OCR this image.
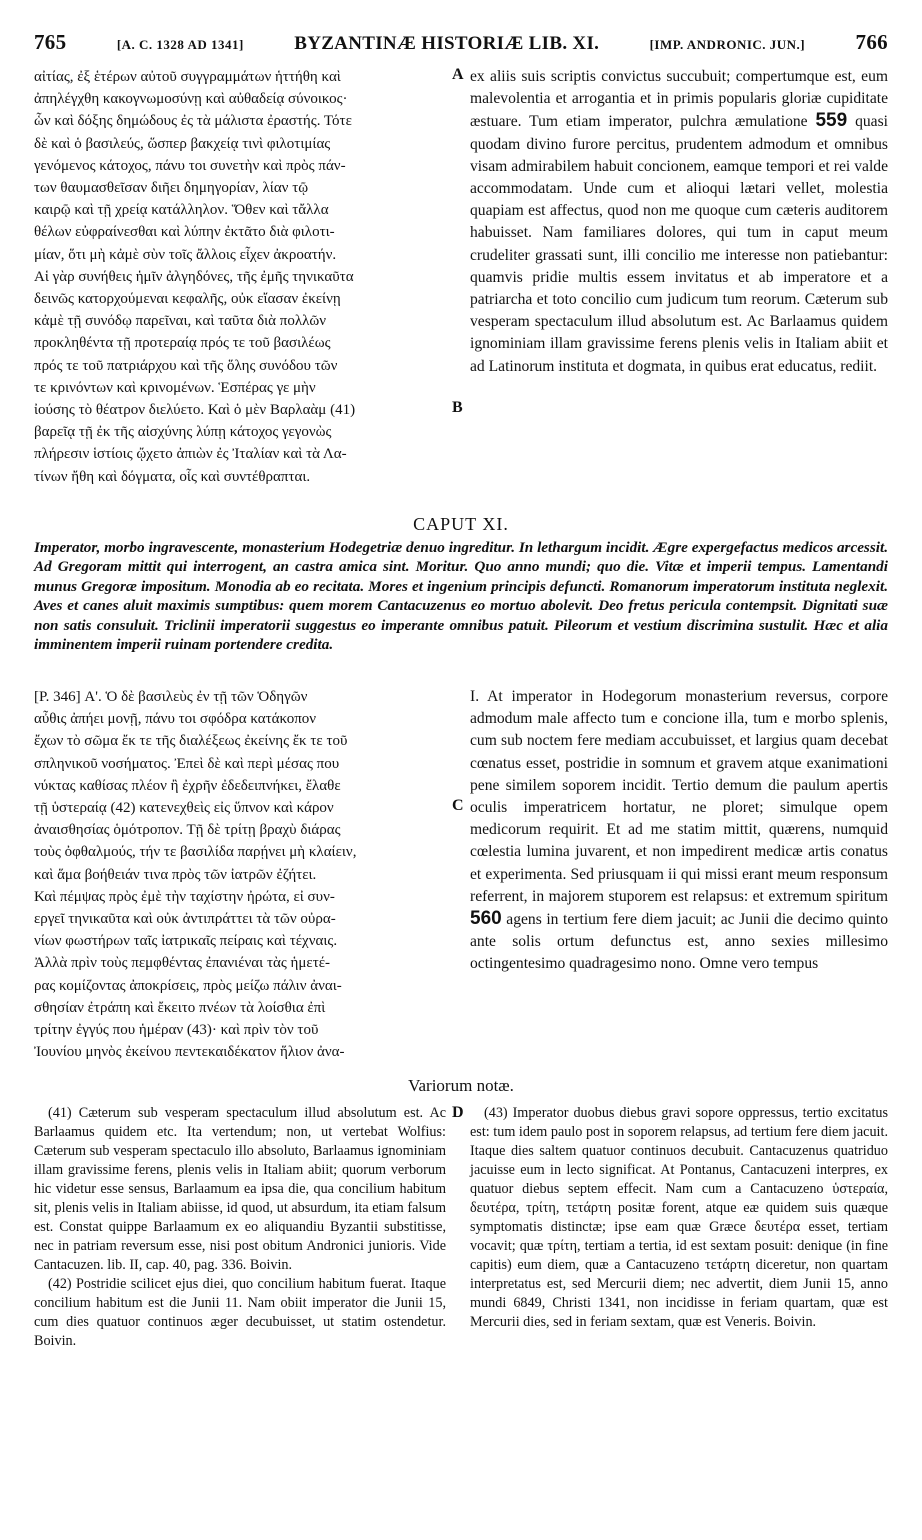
765	[A. C. 1328 AD 1341]	BYZANTINÆ HISTORIÆ LIB. XI.	[IMP. ANDRONIC. JUN.] 766
αἰτίας, ἐξ ἑτέρων αὐτοῦ συγγραμμάτων ἡττήθη καὶ
ἀπηλέγχθη κακογνωμοσύνῃ καὶ αὐθαδείᾳ σύνοικος·
ὧν καὶ δόξης δημώδους ἐς τὰ μάλιστα ἐραστής. Τότε
δὲ καὶ ὁ βασιλεύς, ὥσπερ βακχείᾳ τινὶ φιλοτιμίας
γενόμενος κάτοχος, πάνυ τοι συνετὴν καὶ πρὸς πάν-
των θαυμασθεῖσαν διῆει δημηγορίαν, λίαν τῷ
καιρῷ καὶ τῇ χρείᾳ κατάλληλον. Ὅθεν καὶ τἄλλα
θέλων εὐφραίνεσθαι καὶ λύπην ἐκτᾶτο διὰ φιλοτι-
μίαν, ὅτι μὴ κἀμὲ σὺν τοῖς ἄλλοις εἶχεν ἀκροατήν.
Αἱ γὰρ συνήθεις ἡμῖν ἀλγηδόνες, τῆς ἐμῆς τηνικαῦτα
δεινῶς κατορχούμεναι κεφαλῆς, οὐκ εἴασαν ἐκείνῃ
κἀμὲ τῇ συνόδῳ παρεῖναι, καὶ ταῦτα διὰ πολλῶν
προκληθέντα τῇ προτεραίᾳ πρός τε τοῦ βασιλέως
πρός τε τοῦ πατριάρχου καὶ τῆς ὅλης συνόδου τῶν
τε κρινόντων καὶ κρινομένων. Ἑσπέρας γε μὴν
ἰούσης τὸ θέατρον διελύετο. Καὶ ὁ μὲν Βαρλαὰμ (41)
βαρεῖᾳ τῇ ἐκ τῆς αἰσχύνης λύπῃ κάτοχος γεγονὼς
πλήρεσιν ἱστίοις ᾤχετο ἀπιὼν ἐς Ἰταλίαν καὶ τὰ Λα-
τίνων ἤθη καὶ δόγματα, οἷς καὶ συντέθραπται.
A
B

ex aliis suis scriptis convictus succubuit; compertumque est, eum malevolentia et arrogantia et in primis popularis gloriæ cupiditate æstuare. Tum etiam imperator, pulchra æmulatione 559 quasi quodam divino furore percitus, prudentem admodum et omnibus visam admirabilem habuit concionem, eamque tempori et rei valde accommodatam. Unde cum et alioqui lætari vellet, molestia quapiam est affectus, quod non me quoque cum cæteris auditorem habuisset. Nam familiares dolores, qui tum in caput meum crudeliter grassati sunt, illi concilio me interesse non patiebantur: quamvis pridie multis essem invitatus et ab imperatore et a patriarcha et toto concilio cum judicum tum reorum. Cæterum sub vesperam spectaculum illud absolutum est. Ac Barlaamus quidem ignominiam illam gravissime ferens plenis velis in Italiam abiit et ad Latinorum instituta et dogmata, in quibus erat educatus, rediit.

CAPUT XI.
Imperator, morbo ingravescente, monasterium Hodegetriæ denuo ingreditur. In lethargum incidit. Ægre expergefactus medicos arcessit. Ad Gregoram mittit qui interrogent, an castra amica sint. Moritur. Quo anno mundi; quo die. Vitæ et imperii tempus. Lamentandi munus Gregoræ impositum. Monodia ab eo recitata. Mores et ingenium principis defuncti. Romanorum imperatorum instituta neglexit. Aves et canes aluit maximis sumptibus: quem morem Cantacuzenus eo mortuo abolevit. Deo fretus pericula contempsit. Dignitati suæ non satis consuluit. Triclinii imperatorii suggestus eo imperante omnibus patuit. Pileorum et vestium discrimina sustulit. Hæc et alia imminentem imperii ruinam portendere credita.
[P. 346] Α'. Ὁ δὲ βασιλεὺς ἐν τῇ τῶν Ὁδηγῶν
αὖθις ἀπήει μονῇ, πάνυ τοι σφόδρα κατάκοπον
ἔχων τὸ σῶμα ἔκ τε τῆς διαλέξεως ἐκείνης ἔκ τε τοῦ
σπληνικοῦ νοσήματος. Ἐπεὶ δὲ καὶ περὶ μέσας που
νύκτας καθίσας πλέον ἢ ἐχρῆν ἐδεδειπνήκει, ἔλαθε
τῇ ὑστεραίᾳ (42) κατενεχθεὶς εἰς ὕπνον καὶ κάρον
ἀναισθησίας ὁμότροπον. Τῇ δὲ τρίτῃ βραχὺ διάρας
τοὺς ὀφθαλμούς, τήν τε βασιλίδα παρῄνει μὴ κλαίειν,
καὶ ἅμα βοήθειάν τινα πρὸς τῶν ἰατρῶν ἐζήτει.
Καὶ πέμψας πρὸς ἐμὲ τὴν ταχίστην ἠρώτα, εἰ συν-
εργεῖ τηνικαῦτα καὶ οὐκ ἀντιπράττει τὰ τῶν οὐρα-
νίων φωστήρων ταῖς ἰατρικαῖς πείραις καὶ τέχναις.
Ἀλλὰ πρὶν τοὺς πεμφθέντας ἐπανιέναι τὰς ἡμετέ-
ρας κομίζοντας ἀποκρίσεις, πρὸς μείζω πάλιν ἀναι-
σθησίαν ἐτράπη καὶ ἔκειτο πνέων τὰ λοίσθια ἐπὶ
τρίτην ἐγγύς που ἡμέραν (43)· καὶ πρὶν τὸν τοῦ
Ἰουνίου μηνὸς ἐκείνου πεντεκαιδέκατον ἥλιον ἀνα-
C

I. At imperator in Hodegorum monasterium reversus, corpore admodum male affecto tum e concione illa, tum e morbo splenis, cum sub noctem fere mediam accubuisset, et largius quam decebat cœnatus esset, postridie in somnum et gravem atque exanimationi pene similem soporem incidit. Tertio demum die paulum apertis oculis imperatricem hortatur, ne ploret; simulque opem medicorum requirit. Et ad me statim mittit, quærens, numquid cœlestia lumina juvarent, et non impedirent medicæ artis conatus et experimenta. Sed priusquam ii qui missi erant meum responsum referrent, in majorem stuporem est relapsus: et extremum spiritum 560 agens in tertium fere diem jacuit; ac Junii die decimo quinto ante solis ortum defunctus est, anno sexies millesimo octingentesimo quadragesimo nono. Omne vero tempus

Variorum notæ.
D

(41) Cæterum sub vesperam spectaculum illud absolutum est. Ac Barlaamus quidem etc. Ita vertendum; non, ut vertebat Wolfius: Cæterum sub vesperam spectaculo illo absoluto, Barlaamus ignominiam illam gravissime ferens, plenis velis in Italiam abiit; quorum verborum hic videtur esse sensus, Barlaamum ea ipsa die, qua concilium habitum sit, plenis velis in Italiam abiisse, id quod, ut absurdum, ita etiam falsum est. Constat quippe Barlaamum ex eo aliquandiu Byzantii substitisse, nec in patriam reversum esse, nisi post obitum Andronici junioris. Vide Cantacuzen. lib. II, cap. 40, pag. 336. Boivin.

(42) Postridie scilicet ejus diei, quo concilium habitum fuerat. Itaque concilium habitum est die Junii 11. Nam obiit imperator die Junii 15, cum dies quatuor continuos æger decubuisset, ut statim ostendetur. Boivin.

(43) Imperator duobus diebus gravi sopore oppressus, tertio excitatus est: tum idem paulo post in soporem relapsus, ad tertium fere diem jacuit. Itaque dies saltem quatuor continuos decubuit. Cantacuzenus quatriduo jacuisse eum in lecto significat. At Pontanus, Cantacuzeni interpres, ex quatuor diebus septem effecit. Nam cum a Cantacuzeno ὑστεραία, δευτέρα, τρίτη, τετάρτη positæ forent, atque eæ quidem suis quæque symptomatis distinctæ; ipse eam quæ Græce δευτέρα esset, tertiam vocavit; quæ τρίτη, tertiam a tertia, id est sextam posuit: denique (in fine capitis) eum diem, quæ a Cantacuzeno τετάρτη diceretur, non quartam interpretatus est, sed Mercurii diem; nec advertit, diem Junii 15, anno mundi 6849, Christi 1341, non incidisse in feriam quartam, quæ est Mercurii dies, sed in feriam sextam, quæ est Veneris. Boivin.
